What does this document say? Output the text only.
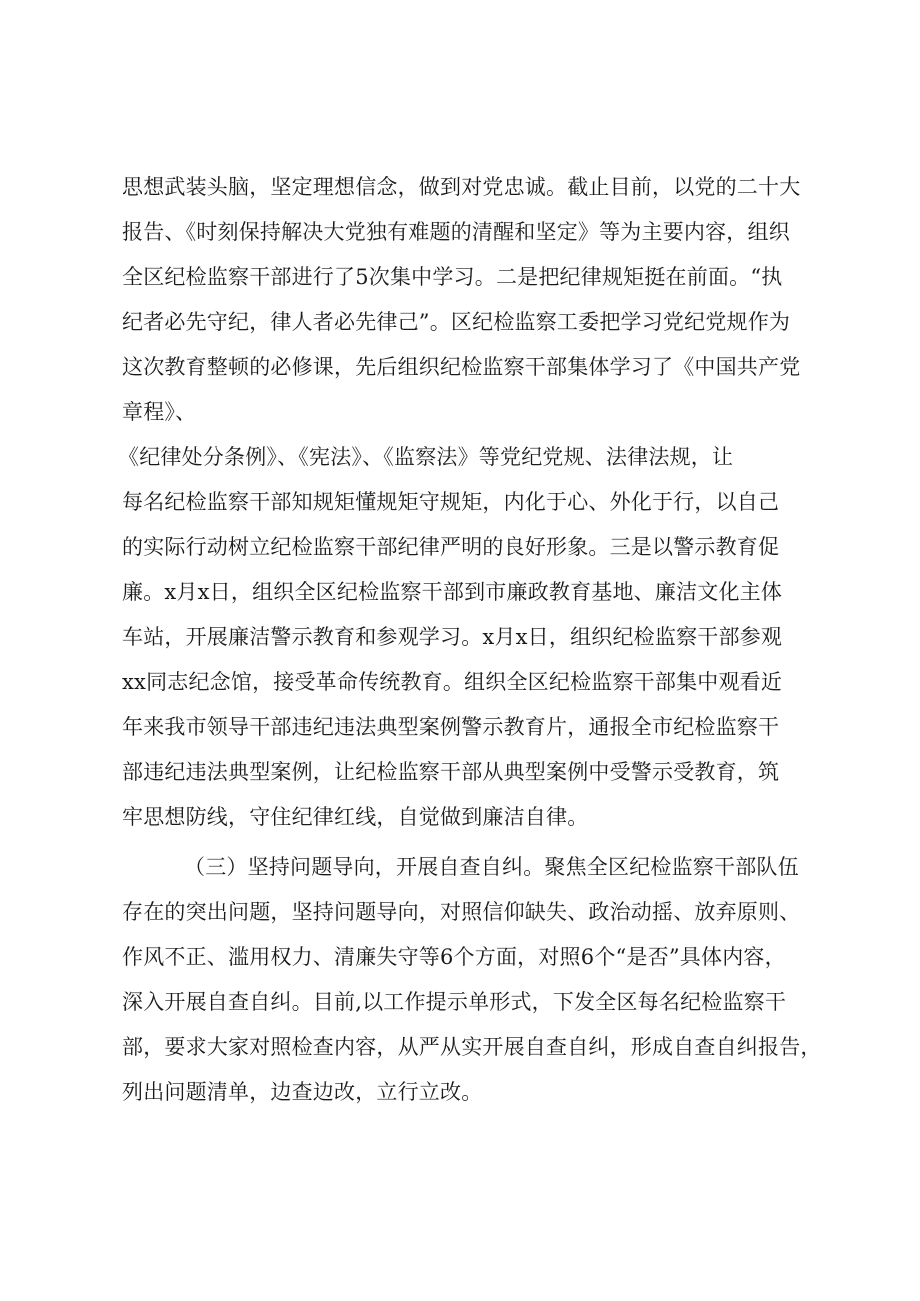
思想武装头脑，坚定理想信念，做到对党忠诚。截止目前，以党的二十大
报告、《时刻保持解决大党独有难题的清醒和坚定》等为主要内容，组织
全区纪检监察干部进行了5次集中学习。二是把纪律规矩挺在前面。“执
纪者必先守纪，律人者必先律己”。区纪检监察工委把学习党纪党规作为
这次教育整顿的必修课，先后组织纪检监察干部集体学习了《中国共产党
章程》、
《纪律处分条例》、《宪法》、《监察法》等党纪党规、法律法规，让
每名纪检监察干部知规矩懂规矩守规矩，内化于心、外化于行，以自己
的实际行动树立纪检监察干部纪律严明的良好形象。三是以警示教育促
廉。x月x日，组织全区纪检监察干部到市廉政教育基地、廉洁文化主体
车站，开展廉洁警示教育和参观学习。x月x日，组织纪检监察干部参观
xx同志纪念馆，接受革命传统教育。组织全区纪检监察干部集中观看近
年来我市领导干部违纪违法典型案例警示教育片，通报全市纪检监察干
部违纪违法典型案例，让纪检监察干部从典型案例中受警示受教育，筑
牢思想防线，守住纪律红线，自觉做到廉洁自律。
（三）坚持问题导向，开展自查自纠。聚焦全区纪检监察干部队伍
存在的突出问题，坚持问题导向，对照信仰缺失、政治动摇、放弃原则、
作风不正、滥用权力、清廉失守等6个方面，对照6个“是否”具体内容，
深入开展自查自纠。目前,以工作提示单形式，下发全区每名纪检监察干
部，要求大家对照检查内容，从严从实开展自查自纠，形成自查自纠报告，
列出问题清单，边查边改，立行立改。
